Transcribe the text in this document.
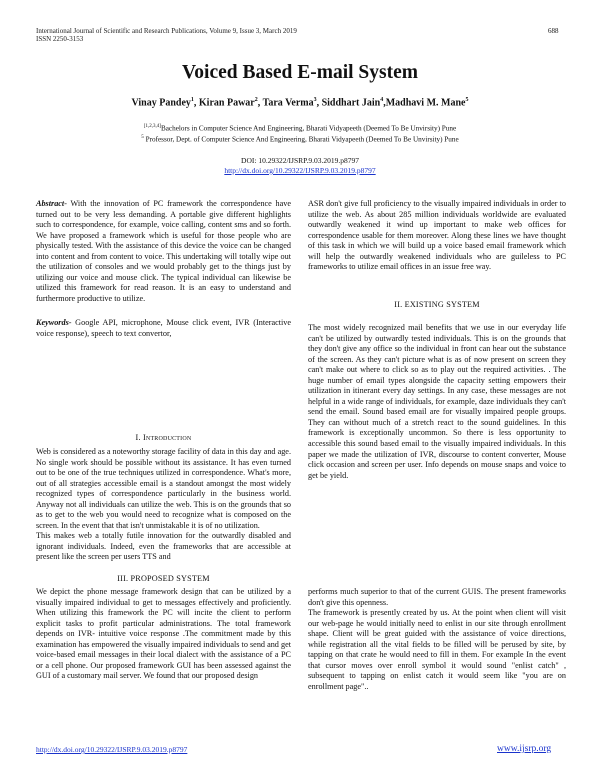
International Journal of Scientific and Research Publications, Volume 9, Issue 3, March 2019
ISSN 2250-3153
688
Voiced Based E-mail System
Vinay Pandey$^1$, Kiran Pawar$^2$, Tara Verma$^3$, Siddhart Jain$^4$,Madhavi M. Mane$^5$
[1,2,3,4]Bachelors in Computer Science And Engineering, Bharati Vidyapeeth (Deemed To Be Unvirsity) Pune
$^5$ Professor, Dept. of Computer Science And Engineering, Bharati Vidyapeeth (Deemed To Be Unvirsity) Pune
DOI: 10.29322/IJSRP.9.03.2019.p8797
http://dx.doi.org/10.29322/IJSRP.9.03.2019.p8797
Abstract- With the innovation of PC framework the correspondence have turned out to be very less demanding. A portable give different highlights such to correspondence, for example, voice calling, content sms and so forth. We have proposed a framework which is useful for those people who are physically tested. With the assistance of this device the voice can be changed into content and from content to voice. This undertaking will totally wipe out the utilization of consoles and we would probably get to the things just by utilizing our voice and mouse click. The typical individual can likewise be utilized this framework for read reason. It is an easy to understand and furthermore productive to utilize.
Keywords- Google API, microphone, Mouse click event, IVR (Interactive voice response), speech to text convertor,
I. Introduction

Web is considered as a noteworthy storage facility of data in this day and age. No single work should be possible without its assistance. It has even turned out to be one of the true techniques utilized in correspondence. What's more, out of all strategies accessible email is a standout amongst the most widely recognized types of correspondence particularly in the business world. Anyway not all individuals can utilize the web. This is on the grounds that so as to get to the web you would need to recognize what is composed on the screen. In the event that that isn't unmistakable it is of no utilization.

This makes web a totally futile innovation for the outwardly disabled and ignorant individuals. Indeed, even the frameworks that are accessible at present like the screen per users TTS and

ASR don't give full proficiency to the visually impaired individuals in order to utilize the web. As about 285 million individuals worldwide are evaluated outwardly weakened it wind up important to make web offices for correspondence usable for them moreover. Along these lines we have thought of this task in which we will build up a voice based email framework which will help the outwardly weakened individuals who are guileless to PC frameworks to utilize email offices in an issue free way.

II. EXISTING SYSTEM

The most widely recognized mail benefits that we use in our everyday life can't be utilized by outwardly tested individuals. This is on the grounds that they don't give any office so the individual in front can hear out the substance of the screen. As they can't picture what is as of now present on screen they can't make out where to click so as to play out the required activities. . The huge number of email types alongside the capacity setting empowers their utilization in itinerant every day settings. In any case, these messages are not helpful in a wide range of individuals, for example, daze individuals they can't send the email. Sound based email are for visually impaired people groups. They can without much of a stretch react to the sound guidelines. In this framework is exceptionally uncommon. So there is less opportunity to accessible this sound based email to the visually impaired individuals. In this paper we made the utilization of IVR, discourse to content converter, Mouse click occasion and screen per user. Info depends on mouse snaps and voice to get be yield.

III. PROPOSED SYSTEM

We depict the phone message framework design that can be utilized by a visually impaired individual to get to messages effectively and proficiently. When utilizing this framework the PC will incite the client to perform explicit tasks to profit particular administrations. The total framework depends on IVR- intuitive voice response .The commitment made by this examination has empowered the visually impaired individuals to send and get voice-based email messages in their local dialect with the assistance of a PC or a cell phone. Our proposed framework GUI has been assessed against the GUI of a customary mail server. We found that our proposed design

performs much superior to that of the current GUIS. The present frameworks don't give this openness.

The framework is presently created by us. At the point when client will visit our web-page he would initially need to enlist in our site through enrollment shape. Client will be great guided with the assistance of voice directions, while registration all the vital fields to be filled will be perused by site, by tapping on that crate he would need to fill in them. For example In the event that cursor moves over enroll symbol it would sound "enlist catch" , subsequent to tapping on enlist catch it would seem like "you are on enrollment page"..

http://dx.doi.org/10.29322/IJSRP.9.03.2019.p8797	www.ijsrp.org
